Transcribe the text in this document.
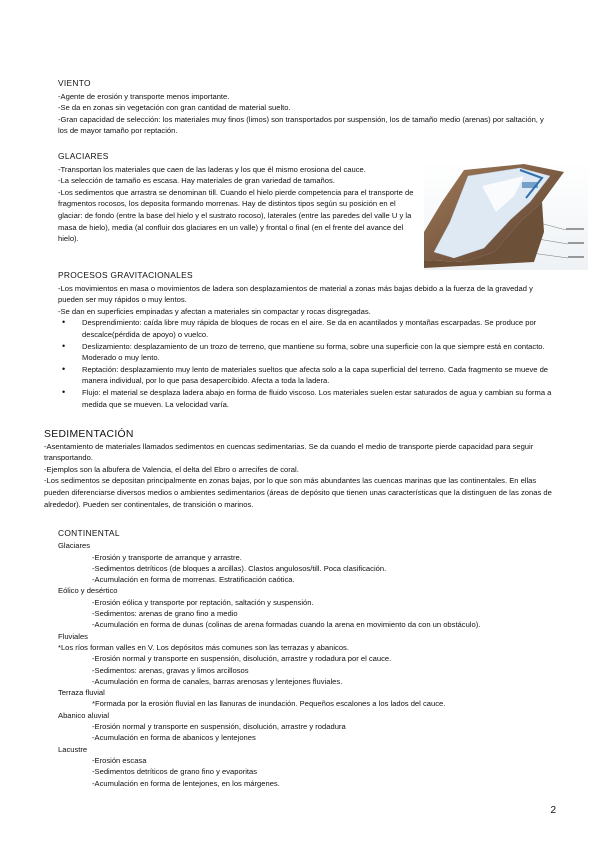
VIENTO
-Agente de erosión y transporte menos importante.
-Se da en zonas sin vegetación con gran cantidad de material suelto.
-Gran capacidad de selección: los materiales muy finos (limos) son transportados por suspensión, los de tamaño medio (arenas) por saltación, y los de mayor tamaño por reptación.
GLACIARES
-Transportan los materiales que caen de las laderas y los que él mismo erosiona del cauce.
-La selección de tamaño es escasa. Hay materiales de gran variedad de tamaños.
-Los sedimentos que arrastra se denominan till. Cuando el hielo pierde competencia para el transporte de fragmentos rocosos, los deposita formando morrenas. Hay de distintos tipos según su posición en el glaciar: de fondo (entre la base del hielo y el sustrato rocoso), laterales (entre las paredes del valle U y la masa de hielo), media (al confluir dos glaciares en un valle) y frontal o final (en el frente del avance del hielo).
PROCESOS GRAVITACIONALES
-Los movimientos en masa o movimientos de ladera son desplazamientos de material a zonas más bajas debido a la fuerza de la gravedad y pueden ser muy rápidos o muy lentos.
-Se dan en superficies empinadas y afectan a materiales sin compactar y rocas disgregadas.
• Desprendimiento: caída libre muy rápida de bloques de rocas en el aire. Se da en acantilados y montañas escarpadas. Se produce por descalce(pérdida de apoyo) o vuelco.
• Deslizamiento: desplazamiento de un trozo de terreno, que mantiene su forma, sobre una superficie con la que siempre está en contacto. Moderado o muy lento.
• Reptación: desplazamiento muy lento de materiales sueltos que afecta solo a la capa superficial del terreno. Cada fragmento se mueve de manera individual, por lo que pasa desapercibido. Afecta a toda la ladera.
• Flujo: el material se desplaza ladera abajo en forma de fluido viscoso. Los materiales suelen estar saturados de agua y cambian su forma a medida que se mueven. La velocidad varía.
SEDIMENTACIÓN
-Asentamiento de materiales llamados sedimentos en cuencas sedimentarias. Se da cuando el medio de transporte pierde capacidad para seguir transportando.
-Ejemplos son la albufera de Valencia, el delta del Ebro o arrecifes de coral.
-Los sedimentos se depositan principalmente en zonas bajas, por lo que son más abundantes las cuencas marinas que las continentales. En ellas pueden diferenciarse diversos medios o ambientes sedimentarios (áreas de depósito que tienen unas características que la distinguen de las zonas de alrededor). Pueden ser continentales, de transición o marinos.
CONTINENTAL
Glaciares
-Erosión y transporte de arranque y arrastre.
-Sedimentos detríticos (de bloques a arcillas). Clastos angulosos/till. Poca clasificación.
-Acumulación en forma de morrenas. Estratificación caótica.
Eólico y desértico
-Erosión eólica y transporte por reptación, saltación y suspensión.
-Sedimentos: arenas de grano fino a medio
-Acumulación en forma de dunas (colinas de arena formadas cuando la arena en movimiento da con un obstáculo).
Fluviales
*Los ríos forman valles en V. Los depósitos más comunes son las terrazas y abanicos.
-Erosión normal y transporte en suspensión, disolución, arrastre y rodadura por el cauce.
-Sedimentos: arenas, gravas y limos arcillosos
-Acumulación en forma de canales, barras arenosas y lentejones fluviales.
Terraza fluvial
*Formada por la erosión fluvial en las llanuras de inundación. Pequeños escalones a los lados del cauce.
Abanico aluvial
-Erosión normal y transporte en suspensión, disolución, arrastre y rodadura
-Acumulación en forma de abanicos y lentejones
Lacustre
-Erosión escasa
-Sedimentos detríticos de grano fino y evaporitas
-Acumulación en forma de lentejones, en los márgenes.
2
